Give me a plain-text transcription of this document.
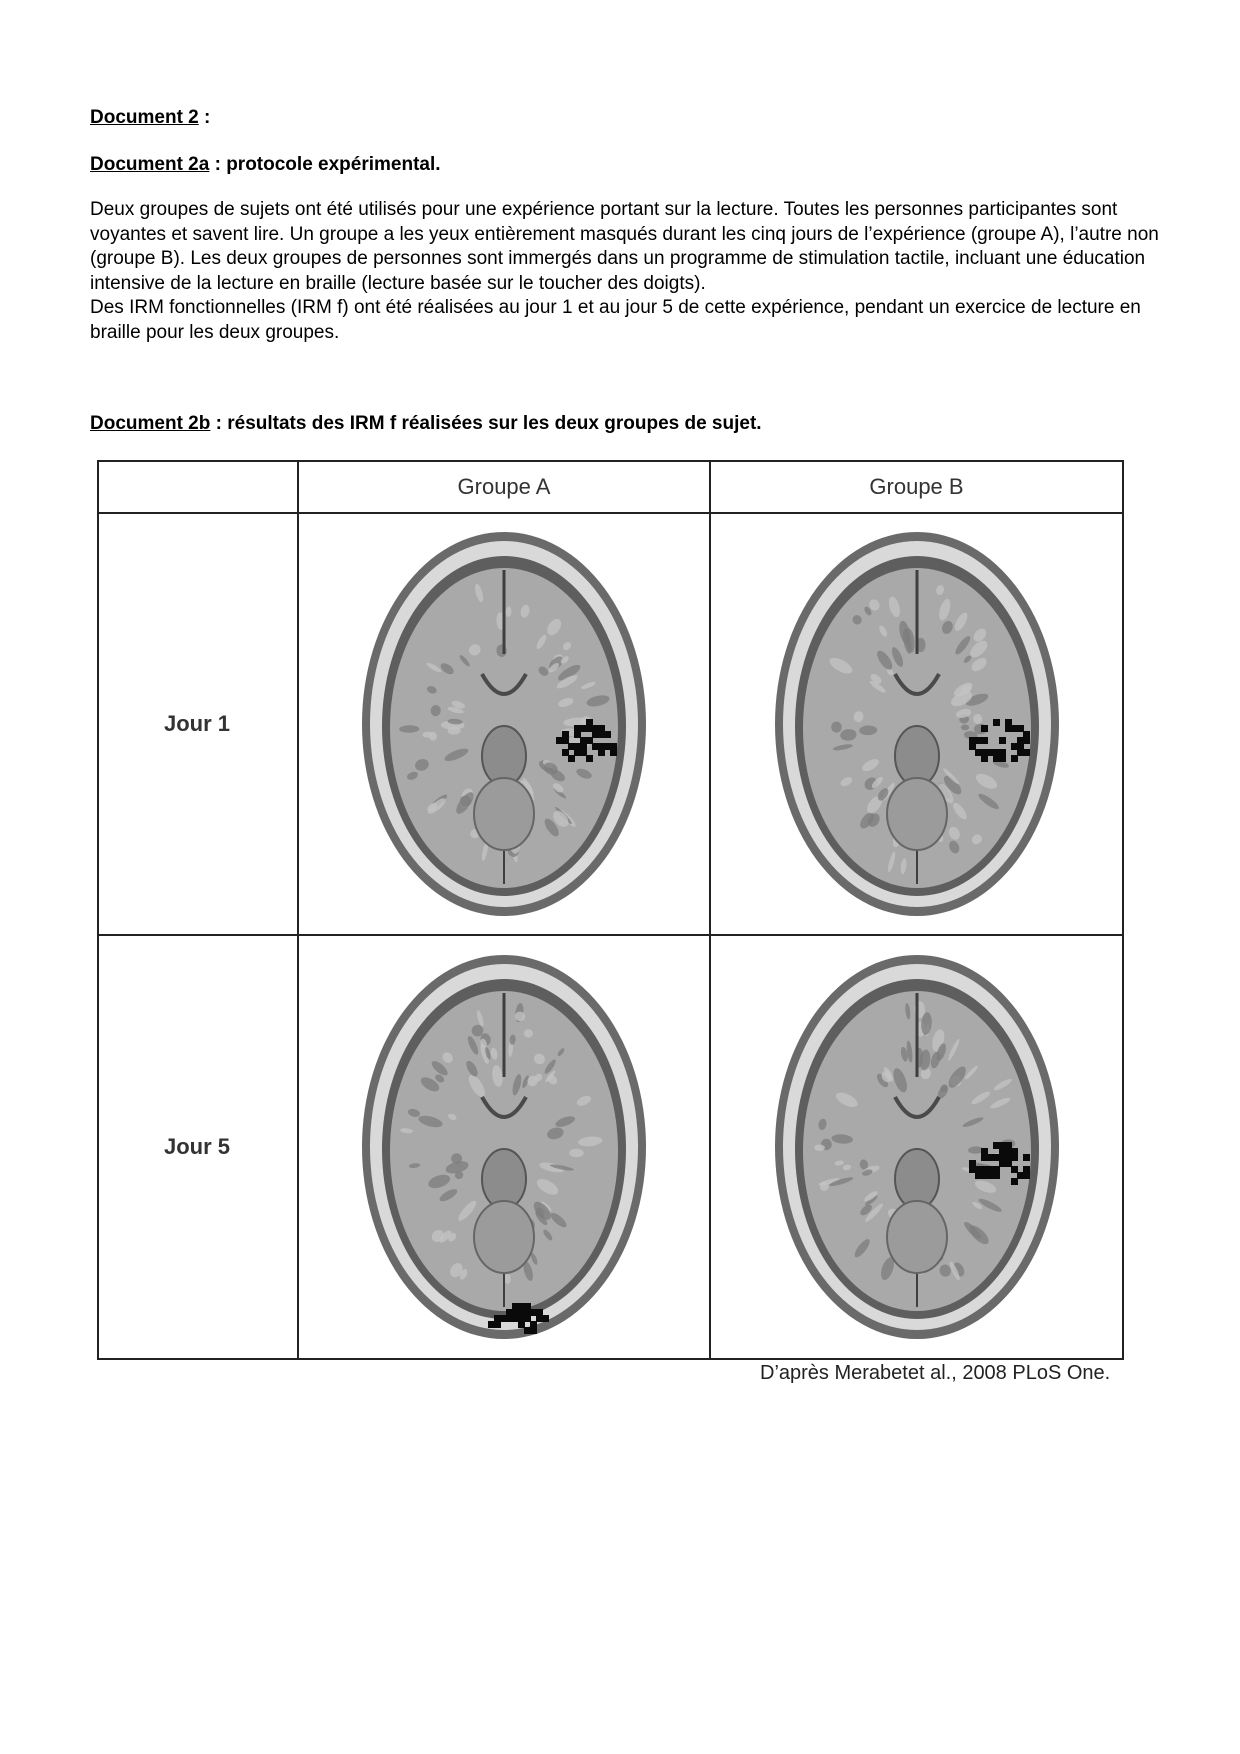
Document 2 :
Document 2a : protocole expérimental.

Deux groupes de sujets ont été utilisés pour une expérience portant sur la lecture. Toutes les personnes participantes sont voyantes et savent lire. Un groupe a les yeux entièrement masqués durant les cinq jours de l’expérience (groupe A), l’autre non (groupe B). Les deux groupes de personnes sont immergés dans un programme de stimulation tactile, incluant une éducation intensive de la lecture en braille (lecture basée sur le toucher des doigts).

Des IRM fonctionnelles (IRM f) ont été réalisées au jour 1 et au jour 5 de cette expérience, pendant un exercice de lecture en braille pour les deux groupes.

Document 2b : résultats des IRM f réalisées sur les deux groupes de sujet.
Groupe A	Groupe B
Jour 1
Jour 5
D’après Merabetet al., 2008 PLoS One.
